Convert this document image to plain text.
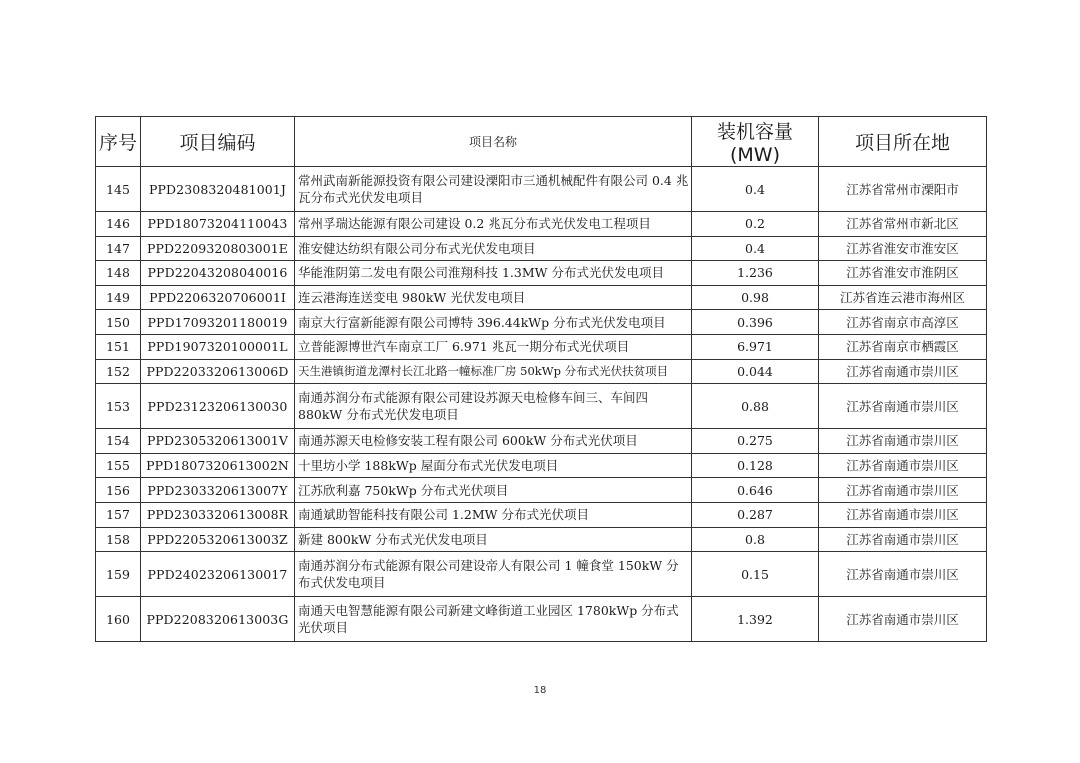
序号	项目编码	项目名称	装机容量(MW)	项目所在地
145	PPD2308320481001J	常州武南新能源投资有限公司建设溧阳市三通机械配件有限公司 0.4 兆瓦分布式光伏发电项目	0.4	江苏省常州市溧阳市
146	PPD18073204110043	常州孚瑞达能源有限公司建设 0.2 兆瓦分布式光伏发电工程项目	0.2	江苏省常州市新北区
147	PPD2209320803001E	淮安健达纺织有限公司分布式光伏发电项目	0.4	江苏省淮安市淮安区
148	PPD22043208040016	华能淮阴第二发电有限公司淮翔科技 1.3MW 分布式光伏发电项目	1.236	江苏省淮安市淮阴区
149	PPD2206320706001I	连云港海连送变电 980kW 光伏发电项目	0.98	江苏省连云港市海州区
150	PPD17093201180019	南京大行富新能源有限公司博特 396.44kWp 分布式光伏发电项目	0.396	江苏省南京市高淳区
151	PPD1907320100001L	立普能源博世汽车南京工厂 6.971 兆瓦一期分布式光伏项目	6.971	江苏省南京市栖霞区
152	PPD2203320613006D	天生港镇街道龙潭村长江北路一幢标准厂房 50kWp 分布式光伏扶贫项目	0.044	江苏省南通市崇川区
153	PPD23123206130030	南通苏润分布式能源有限公司建设苏源天电检修车间三、车间四 880kW 分布式光伏发电项目	0.88	江苏省南通市崇川区
154	PPD2305320613001V	南通苏源天电检修安装工程有限公司 600kW 分布式光伏项目	0.275	江苏省南通市崇川区
155	PPD1807320613002N	十里坊小学 188kWp 屋面分布式光伏发电项目	0.128	江苏省南通市崇川区
156	PPD2303320613007Y	江苏欣利嘉 750kWp 分布式光伏项目	0.646	江苏省南通市崇川区
157	PPD2303320613008R	南通斌助智能科技有限公司 1.2MW 分布式光伏项目	0.287	江苏省南通市崇川区
158	PPD2205320613003Z	新建 800kW 分布式光伏发电项目	0.8	江苏省南通市崇川区
159	PPD24023206130017	南通苏润分布式能源有限公司建设帝人有限公司 1 幢食堂 150kW 分布式伏发电项目	0.15	江苏省南通市崇川区
160	PPD2208320613003G	南通天电智慧能源有限公司新建文峰街道工业园区 1780kWp 分布式光伏项目	1.392	江苏省南通市崇川区
18
